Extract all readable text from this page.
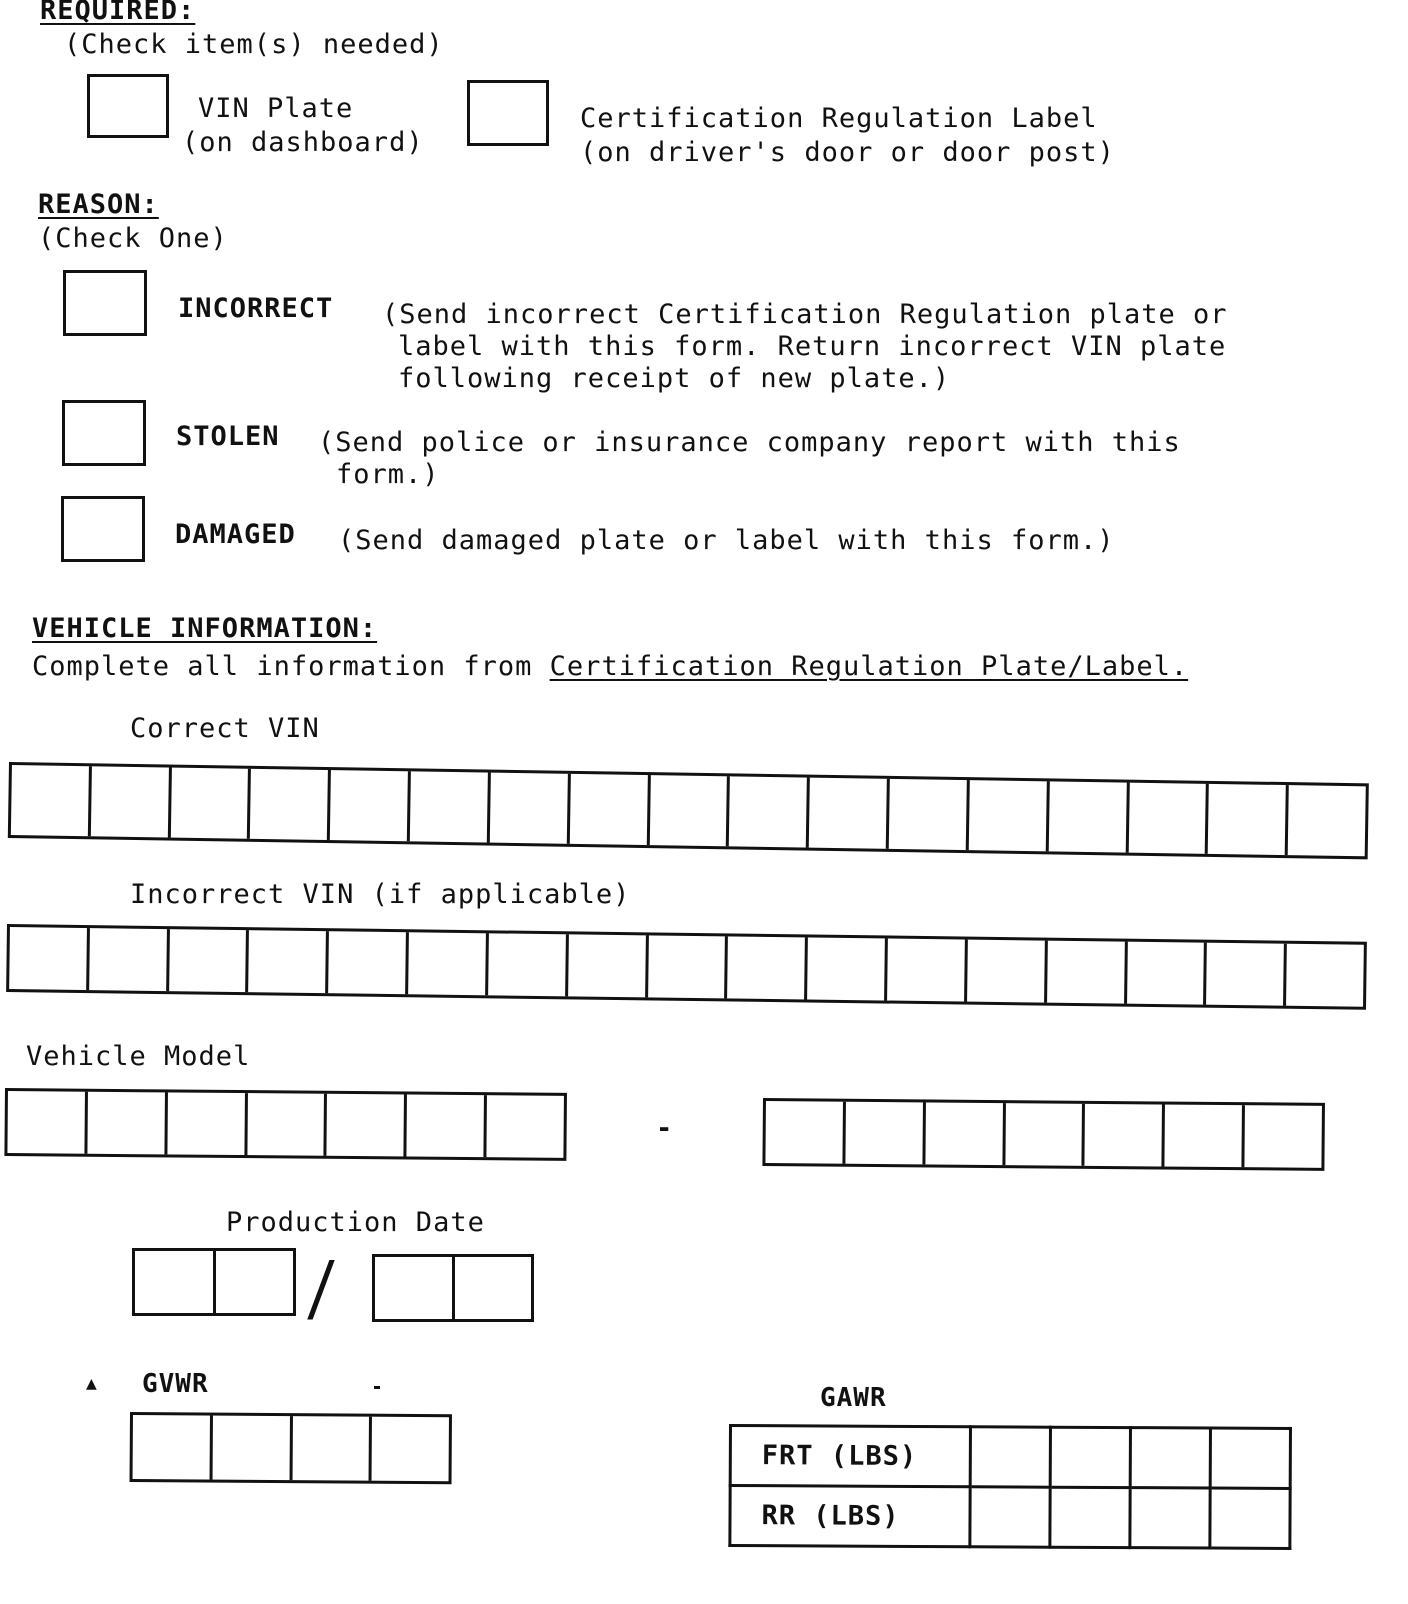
REQUIRED:
(Check item(s) needed)
VIN Plate
(on dashboard)
Certification Regulation Label
(on driver's door or door post)
REASON:
(Check One)
INCORRECT (Send incorrect Certification Regulation plate or
label with this form. Return incorrect VIN plate
following receipt of new plate.)
STOLEN (Send police or insurance company report with this
form.)
DAMAGED (Send damaged plate or label with this form.)
VEHICLE INFORMATION:
Complete all information from Certification Regulation Plate/Label.
Correct VIN
Incorrect VIN (if applicable)
Vehicle Model
-
Production Date
/
▲ GVWR	GAWR
FRT (LBS)				
RR (LBS)				
